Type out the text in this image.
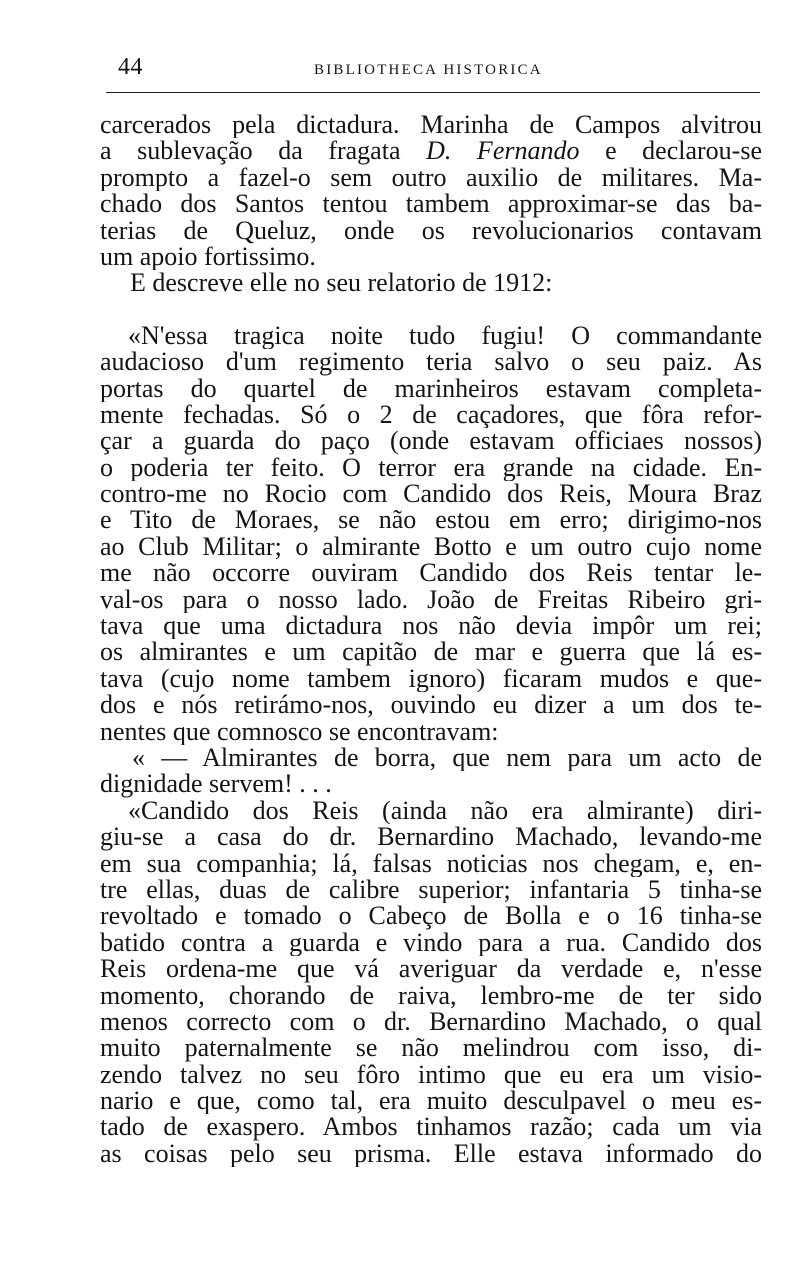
44	BIBLIOTHECA HISTORICA
carcerados pela dictadura. Marinha de Campos alvitrou
a sublevação da fragata D. Fernando e declarou-se
prompto a fazel-o sem outro auxilio de militares. Ma-
chado dos Santos tentou tambem approximar-se das ba-
terias de Queluz, onde os revolucionarios contavam
um apoio fortissimo.
E descreve elle no seu relatorio de 1912:
«N'essa tragica noite tudo fugiu! O commandante
audacioso d'um regimento teria salvo o seu paiz. As
portas do quartel de marinheiros estavam completa-
mente fechadas. Só o 2 de caçadores, que fôra refor-
çar a guarda do paço (onde estavam officiaes nossos)
o poderia ter feito. O terror era grande na cidade. En-
contro-me no Rocio com Candido dos Reis, Moura Braz
e Tito de Moraes, se não estou em erro; dirigimo-nos
ao Club Militar; o almirante Botto e um outro cujo nome
me não occorre ouviram Candido dos Reis tentar le-
val-os para o nosso lado. João de Freitas Ribeiro gri-
tava que uma dictadura nos não devia impôr um rei;
os almirantes e um capitão de mar e guerra que lá es-
tava (cujo nome tambem ignoro) ficaram mudos e que-
dos e nós retirámo-nos, ouvindo eu dizer a um dos te-
nentes que comnosco se encontravam:
« — Almirantes de borra, que nem para um acto de
dignidade servem! . . .
«Candido dos Reis (ainda não era almirante) diri-
giu-se a casa do dr. Bernardino Machado, levando-me
em sua companhia; lá, falsas noticias nos chegam, e, en-
tre ellas, duas de calibre superior; infantaria 5 tinha-se
revoltado e tomado o Cabeço de Bolla e o 16 tinha-se
batido contra a guarda e vindo para a rua. Candido dos
Reis ordena-me que vá averiguar da verdade e, n'esse
momento, chorando de raiva, lembro-me de ter sido
menos correcto com o dr. Bernardino Machado, o qual
muito paternalmente se não melindrou com isso, di-
zendo talvez no seu fôro intimo que eu era um visio-
nario e que, como tal, era muito desculpavel o meu es-
tado de exaspero. Ambos tinhamos razão; cada um via
as coisas pelo seu prisma. Elle estava informado do
